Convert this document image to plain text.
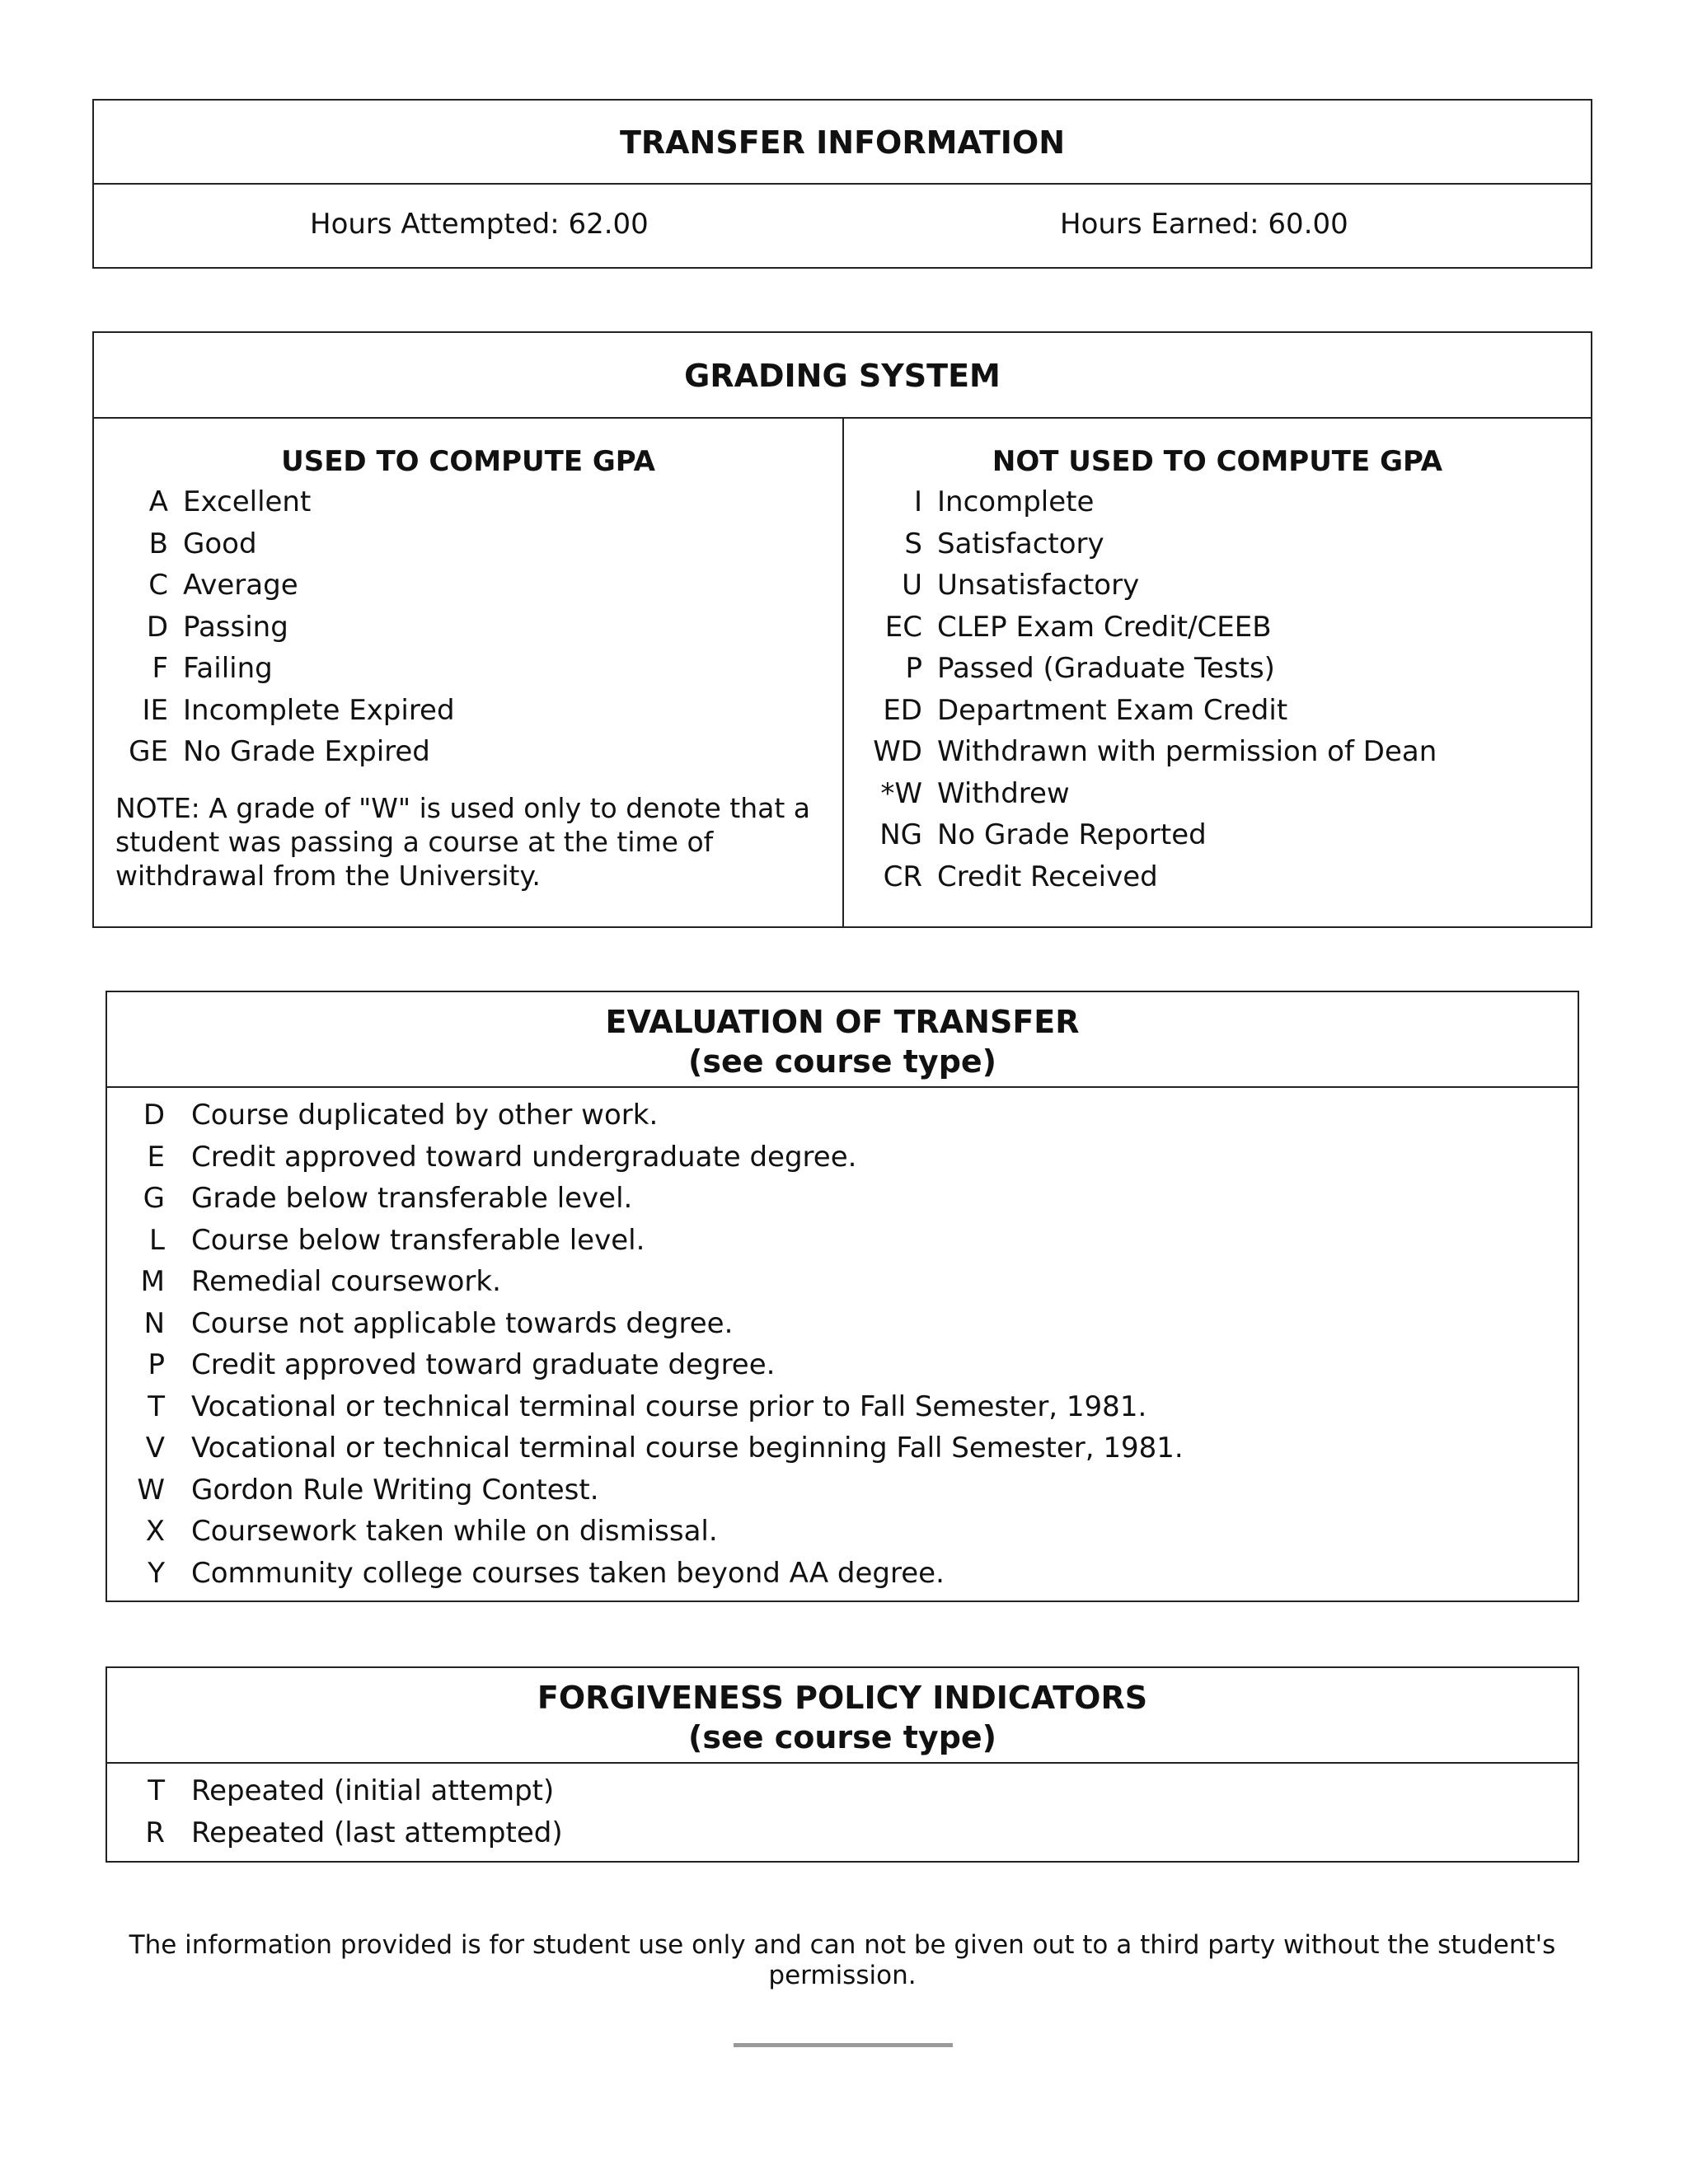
TRANSFER INFORMATION
Hours Attempted: 62.00	Hours Earned: 60.00
GRADING SYSTEM
USED TO COMPUTE GPA
A Excellent
B Good
C Average
D Passing
F Failing
IE Incomplete Expired
GE No Grade Expired
NOTE: A grade of "W" is used only to denote that a student was passing a course at the time of withdrawal from the University.
NOT USED TO COMPUTE GPA
I Incomplete
S Satisfactory
U Unsatisfactory
EC CLEP Exam Credit/CEEB
P Passed (Graduate Tests)
ED Department Exam Credit
WD Withdrawn with permission of Dean
*W Withdrew
NG No Grade Reported
CR Credit Received
EVALUATION OF TRANSFER
(see course type)
D Course duplicated by other work.
E Credit approved toward undergraduate degree.
G Grade below transferable level.
L Course below transferable level.
M Remedial coursework.
N Course not applicable towards degree.
P Credit approved toward graduate degree.
T Vocational or technical terminal course prior to Fall Semester, 1981.
V Vocational or technical terminal course beginning Fall Semester, 1981.
W Gordon Rule Writing Contest.
X Coursework taken while on dismissal.
Y Community college courses taken beyond AA degree.
FORGIVENESS POLICY INDICATORS
(see course type)
T Repeated (initial attempt)
R Repeated (last attempted)
The information provided is for student use only and can not be given out to a third party without the student's permission.
